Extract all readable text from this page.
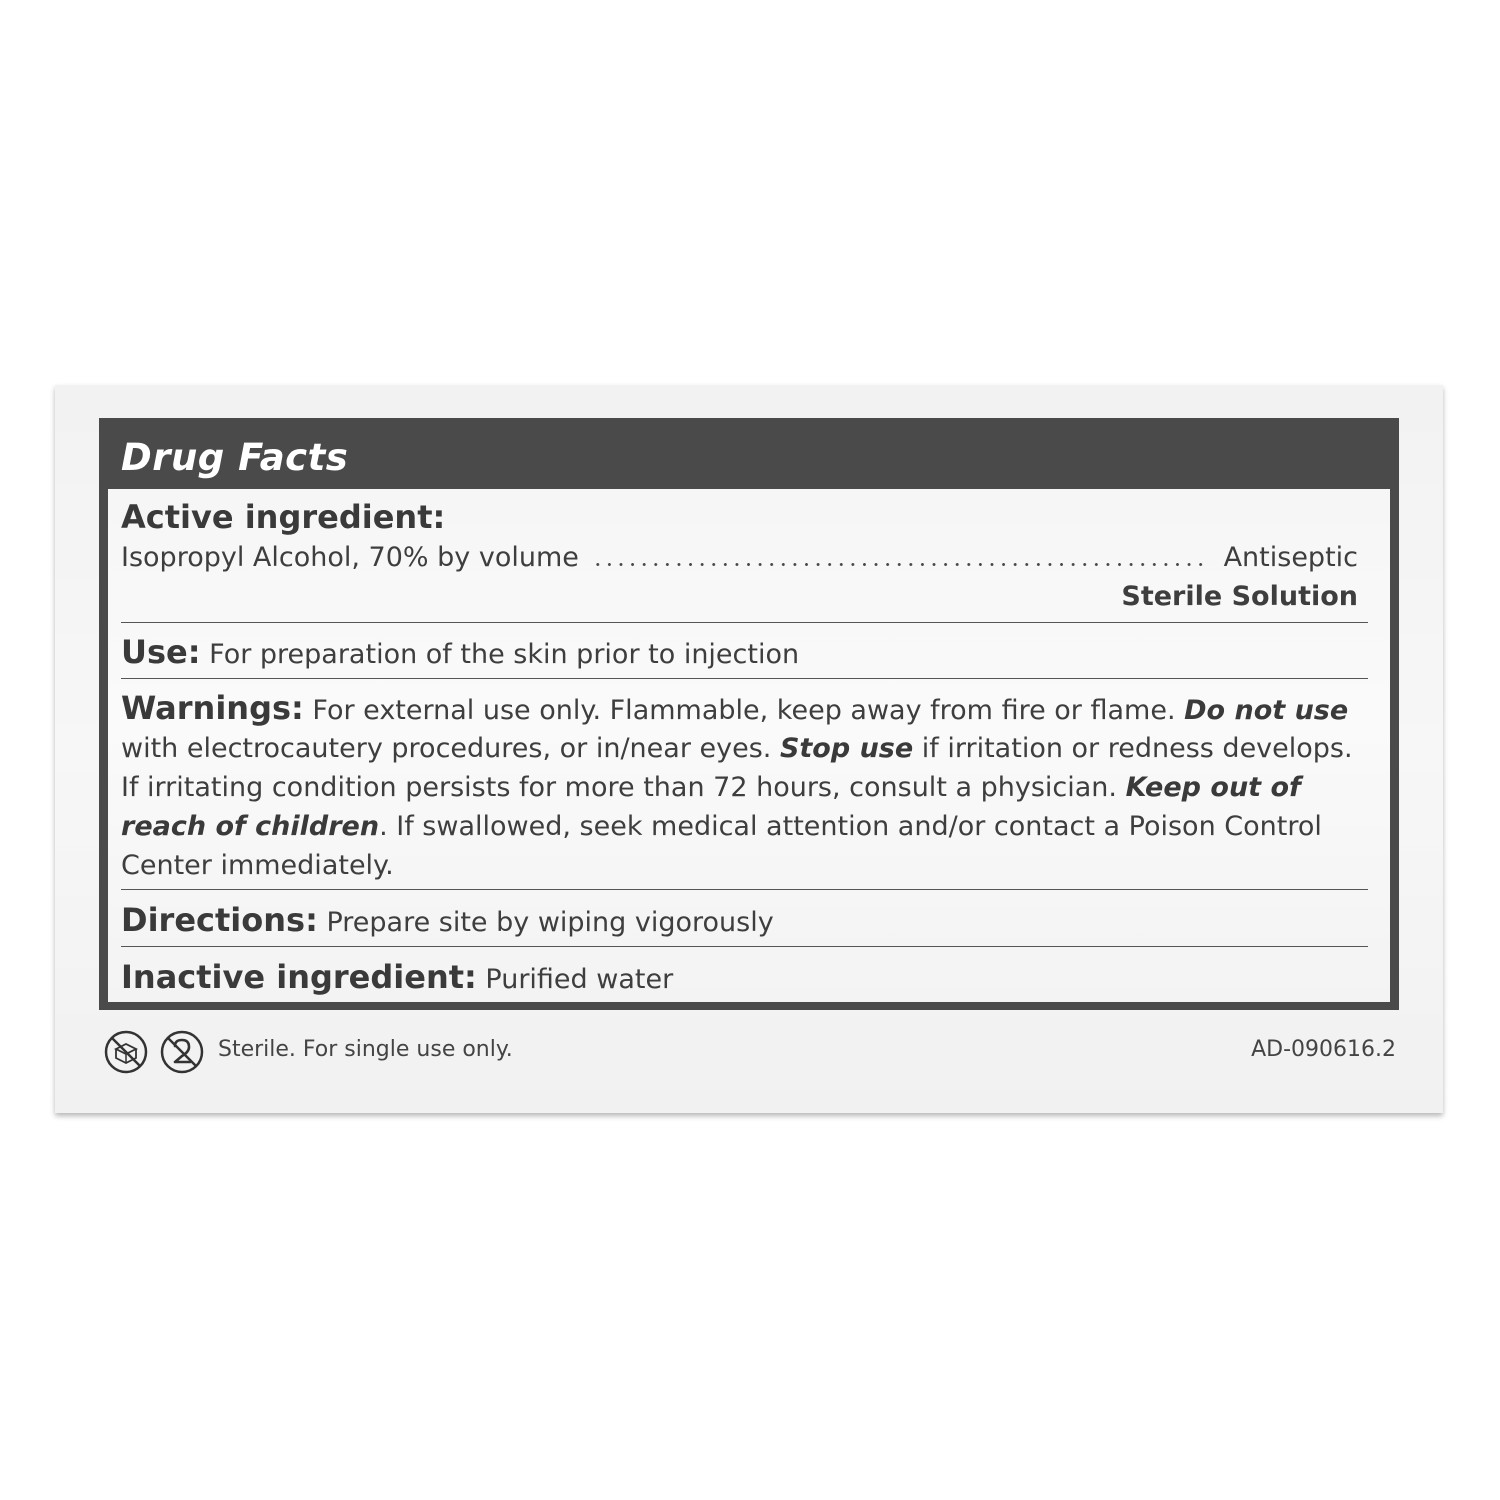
Drug Facts
Active ingredient:
Isopropyl Alcohol, 70% by volume	Antiseptic
Sterile Solution
Use: For preparation of the skin prior to injection
Warnings: For external use only. Flammable, keep away from fire or flame. Do not use
with electrocautery procedures, or in/near eyes. Stop use if irritation or redness develops.
If irritating condition persists for more than 72 hours, consult a physician. Keep out of
reach of children. If swallowed, seek medical attention and/or contact a Poison Control
Center immediately.
Directions: Prepare site by wiping vigorously
Inactive ingredient: Purified water
Sterile. For single use only.	AD-090616.2
